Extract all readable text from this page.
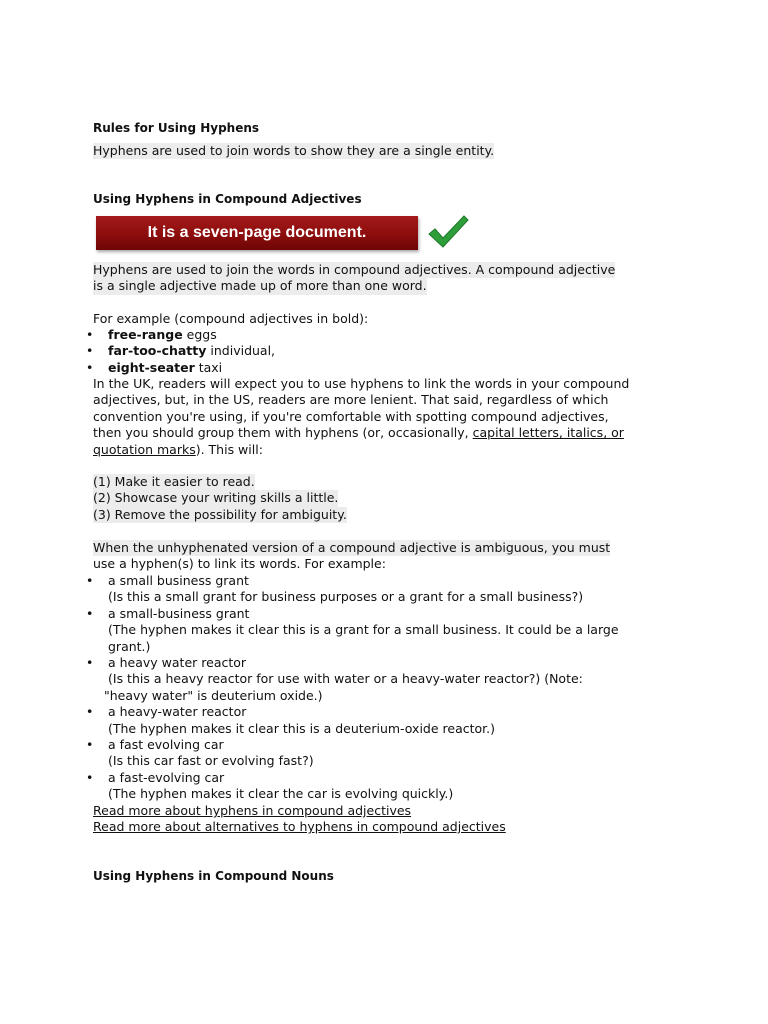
Rules for Using Hyphens
Hyphens are used to join words to show they are a single entity.
Using Hyphens in Compound Adjectives
It is a seven-page document.
Hyphens are used to join the words in compound adjectives. A compound adjective
is a single adjective made up of more than one word.
For example (compound adjectives in bold):
• free-range eggs
• far-too-chatty individual,
• eight-seater taxi
In the UK, readers will expect you to use hyphens to link the words in your compound
adjectives, but, in the US, readers are more lenient. That said, regardless of which
convention you're using, if you're comfortable with spotting compound adjectives,
then you should group them with hyphens (or, occasionally, capital letters, italics, or
quotation marks). This will:
(1) Make it easier to read.
(2) Showcase your writing skills a little.
(3) Remove the possibility for ambiguity.
When the unhyphenated version of a compound adjective is ambiguous, you must
use a hyphen(s) to link its words. For example:
• a small business grant
(Is this a small grant for business purposes or a grant for a small business?)
• a small-business grant
(The hyphen makes it clear this is a grant for a small business. It could be a large
grant.)
• a heavy water reactor
(Is this a heavy reactor for use with water or a heavy-water reactor?) (Note:
"heavy water" is deuterium oxide.)
• a heavy-water reactor
(The hyphen makes it clear this is a deuterium-oxide reactor.)
• a fast evolving car
(Is this car fast or evolving fast?)
• a fast-evolving car
(The hyphen makes it clear the car is evolving quickly.)
Read more about hyphens in compound adjectives
Read more about alternatives to hyphens in compound adjectives
Using Hyphens in Compound Nouns
